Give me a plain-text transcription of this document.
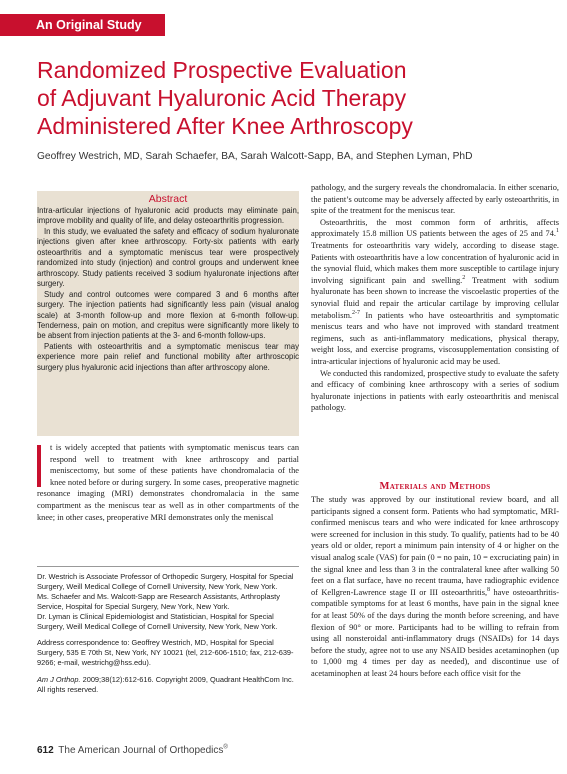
An Original Study
Randomized Prospective Evaluation
of Adjuvant Hyaluronic Acid Therapy
Administered After Knee Arthroscopy
Geoffrey Westrich, MD, Sarah Schaefer, BA, Sarah Walcott-Sapp, BA, and Stephen Lyman, PhD
Abstract

Intra-articular injections of hyaluronic acid products may eliminate pain, improve mobility and quality of life, and delay osteoarthritis progression.

In this study, we evaluated the safety and efficacy of sodium hyaluronate injections given after knee arthroscopy. Forty-six patients with early osteoarthritis and a symptomatic meniscus tear were prospectively randomized into study (injection) and control groups and underwent knee arthroscopy. Study patients received 3 sodium hyaluronate injections after surgery.

Study and control outcomes were compared 3 and 6 months after surgery. The injection patients had significantly less pain (visual analog scale) at 3-month follow-up and more flexion at 6-month follow-up. Tenderness, pain on motion, and crepitus were significantly more likely to be absent from injection patients at the 3- and 6-month follow-ups.

Patients with osteoarthritis and a symptomatic meniscus tear may experience more pain relief and functional mobility after arthroscopic surgery plus hyaluronic acid injections than after arthroscopy alone.

t is widely accepted that patients with symptomatic meniscus tears can respond well to treatment with knee arthroscopy and partial meniscectomy, but some of these patients have chondromalacia of the knee noted before or during surgery. In some cases, preoperative magnetic resonance imaging (MRI) demonstrates chondromalacia in the same compartment as the meniscus tear as well as in other compartments of the knee; in other cases, preoperative MRI demonstrates only the meniscal

Dr. Westrich is Associate Professor of Orthopedic Surgery, Hospital for Special Surgery, Weill Medical College of Cornell University, New York, New York.

Ms. Schaefer and Ms. Walcott-Sapp are Research Assistants, Arthroplasty Service, Hospital for Special Surgery, New York, New York.

Dr. Lyman is Clinical Epidemiologist and Statistician, Hospital for Special Surgery, Weill Medical College of Cornell University, New York, New York.

Address correspondence to: Geoffrey Westrich, MD, Hospital for Special Surgery, 535 E 70th St, New York, NY 10021 (tel, 212-606-1510; fax, 212-639-9266; e-mail, westrichg@hss.edu).

Am J Orthop. 2009;38(12):612-616. Copyright 2009, Quadrant HealthCom Inc. All rights reserved.

612 The American Journal of Orthopedics®

pathology, and the surgery reveals the chondromalacia. In either scenario, the patient’s outcome may be adversely affected by early osteoarthritis, in spite of the treatment for the meniscus tear.

Osteoarthritis, the most common form of arthritis, affects approximately 15.8 million US patients between the ages of 25 and 74.$^1$ Treatments for osteoarthritis vary widely, according to disease stage. Patients with osteoarthritis have a low concentration of hyaluronic acid in the synovial fluid, which makes them more susceptible to cartilage injury involving significant pain and swelling.$^2$ Treatment with sodium hyaluronate has been shown to increase the viscoelastic properties of the synovial fluid and repair the articular cartilage by improving cellular metabolism.$^{2-7}$ In patients who have osteoarthritis and symptomatic meniscus tears and who have not improved with standard treatment regimens, such as anti-inflammatory medications, physical therapy, weight loss, and exercise programs, viscosupplementation consisting of intra-articular injections of hyaluronic acid may be used.

We conducted this randomized, prospective study to evaluate the safety and efficacy of combining knee arthroscopy with a series of sodium hyaluronate injections in patients with early osteoarthritis and meniscal pathology.

Materials and Methods

The study was approved by our institutional review board, and all participants signed a consent form. Patients who had symptomatic, MRI-confirmed meniscus tears and who were indicated for knee arthroscopy were screened for inclusion in this study. To qualify, patients had to be 40 years old or older, report a minimum pain intensity of 4 or higher on the visual analog scale (VAS) for pain (0 = no pain, 10 = excruciating pain) in the signal knee and less than 3 in the contralateral knee after walking 50 feet on a flat surface, have no recent trauma, have radiographic evidence of Kellgren-Lawrence stage II or III osteoarthritis,$^8$ have osteoarthritis-compatible symptoms for at least 6 months, have pain in the signal knee for at least 50% of the days during the month before screening, and have flexion of 90° or more. Participants had to be willing to refrain from using all nonsteroidal anti-inflammatory drugs (NSAIDs) for 14 days before the study, agree not to use any NSAID besides acetaminophen (up to 1,000 mg 4 times per day as needed), and discontinue use of acetaminophen at least 24 hours before each office visit for the
